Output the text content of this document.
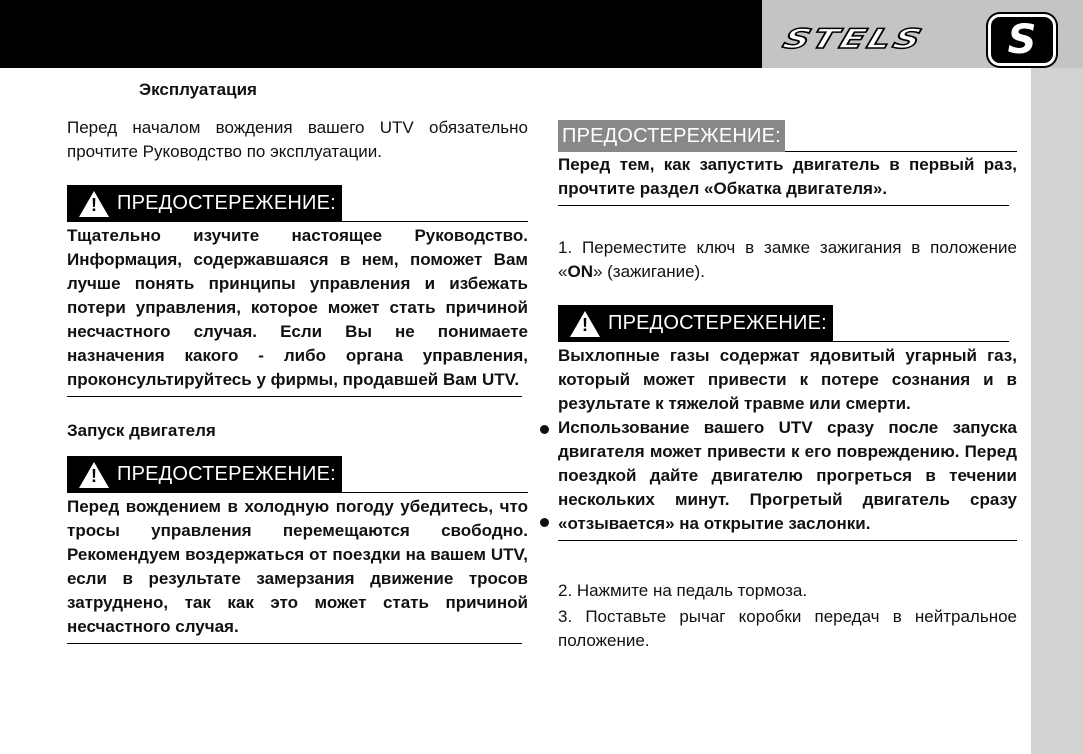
STELS	S

Эксплуатация

Перед началом вождения вашего UTV обязательно прочтите Руководство по эксплуатации.

! ПРЕДОСТЕРЕЖЕНИЕ:

Тщательно изучите настоящее Руководство. Информация, содержавшаяся в нем, поможет Вам лучше понять принципы управления и избежать потери управления, которое может стать причиной несчастного случая. Если Вы не понимаете назначения какого - либо органа управления, проконсультируйтесь у фирмы, продавшей Вам UTV.

Запуск двигателя

! ПРЕДОСТЕРЕЖЕНИЕ:

Перед вождением в холодную погоду убедитесь, что тросы управления перемещаются свободно. Рекомендуем воздержаться от поездки на вашем UTV, если в результате замерзания движение тросов затруднено, так как это может стать причиной несчастного случая.

ПРЕДОСТЕРЕЖЕНИЕ:

Перед тем, как запустить двигатель в первый раз, прочтите раздел «Обкатка двигателя».

1. Переместите ключ в замке зажигания в положение «ON» (зажигание).

! ПРЕДОСТЕРЕЖЕНИЕ:

Выхлопные газы содержат ядовитый угарный газ, который может привести к потере сознания и в результате к тяжелой травме или смерти.

Использование вашего UTV сразу после запуска двигателя может привести к его повреждению. Перед поездкой дайте двигателю прогреться в течении нескольких минут. Прогретый двигатель сразу «отзывается» на открытие заслонки.

2. Нажмите на педаль тормоза.

3. Поставьте рычаг коробки передач в нейтральное положение.
